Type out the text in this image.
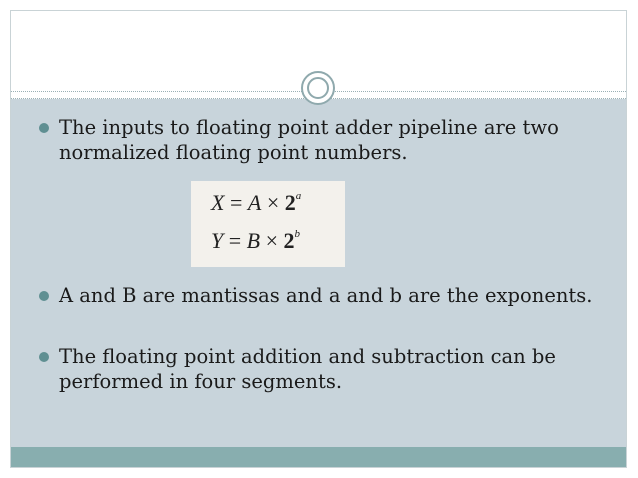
The inputs to floating point adder pipeline are two normalized floating point numbers.
$X = A \times 2^a$
$Y = B \times 2^b$
A and B are mantissas and a and b are the exponents.
The floating point addition and subtraction can be performed in four segments.
